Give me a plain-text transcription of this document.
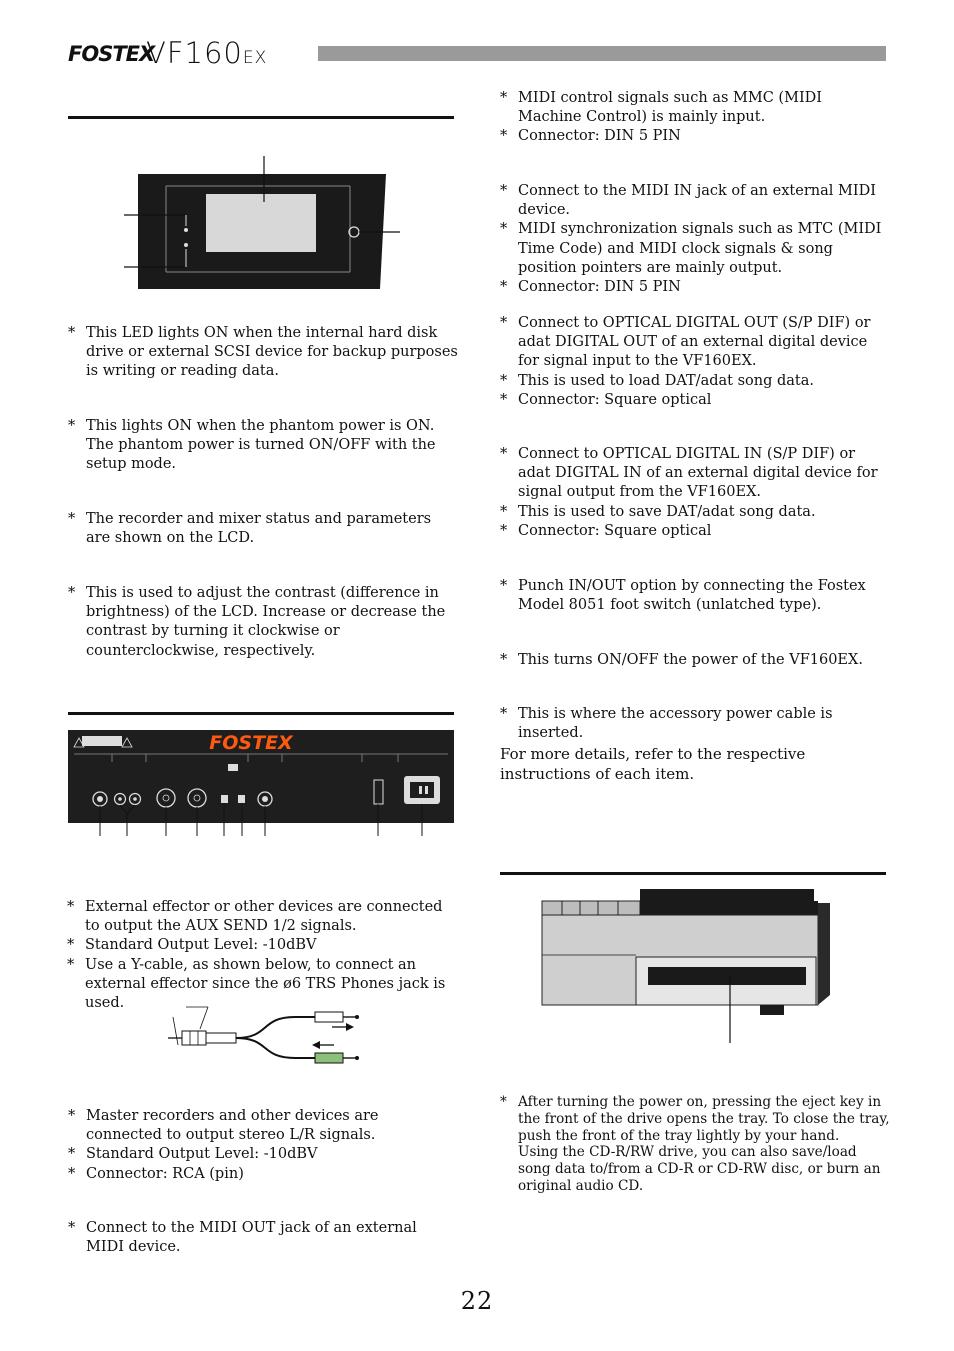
FOSTEX
VF160EX
* This LED lights ON when the internal hard disk drive or external SCSI device for backup purposes is writing or reading data.
* This lights ON when the phantom power is ON.
The phantom power is turned ON/OFF with the setup mode.
* The recorder and mixer status and parameters are shown on the LCD.
* This is used to adjust the contrast (difference in brightness) of the LCD. Increase or decrease the contrast by turning it clockwise or counterclockwise, respectively.
FOSTEX
* External effector or other devices are connected to output the AUX SEND 1/2 signals.
* Standard Output Level: -10dBV
* Use a Y-cable, as shown below, to connect an external effector since the ø6 TRS Phones jack is used.
* Master recorders and other devices are connected to output stereo L/R signals.
* Standard Output Level: -10dBV
* Connector: RCA (pin)
* Connect to the MIDI OUT jack of an external MIDI device.
* MIDI control signals such as MMC (MIDI Machine Control) is mainly input.
* Connector: DIN 5 PIN
* Connect to the MIDI IN jack of an external MIDI device.
* MIDI synchronization signals such as MTC (MIDI Time Code) and MIDI clock signals & song position pointers are mainly output.
* Connector: DIN 5 PIN
* Connect to OPTICAL DIGITAL OUT (S/P DIF) or adat DIGITAL OUT of an external digital device for signal input to the VF160EX.
* This is used to load DAT/adat song data.
* Connector: Square optical
* Connect to OPTICAL DIGITAL IN (S/P DIF) or adat DIGITAL IN of an external digital device for signal output from the VF160EX.
* This is used to save DAT/adat song data.
* Connector: Square optical
* Punch IN/OUT option by connecting the Fostex Model 8051 foot switch (unlatched type).
* This turns ON/OFF the power of the VF160EX.
* This is where the accessory power cable is inserted.
For more details, refer to the respective instructions of each item.
* After turning the power on, pressing the eject key in the front of the drive opens the tray. To close the tray, push the front of the tray lightly by your hand.
Using the CD-R/RW drive, you can also save/load song data to/from a CD-R or CD-RW disc, or burn an original audio CD.
22
